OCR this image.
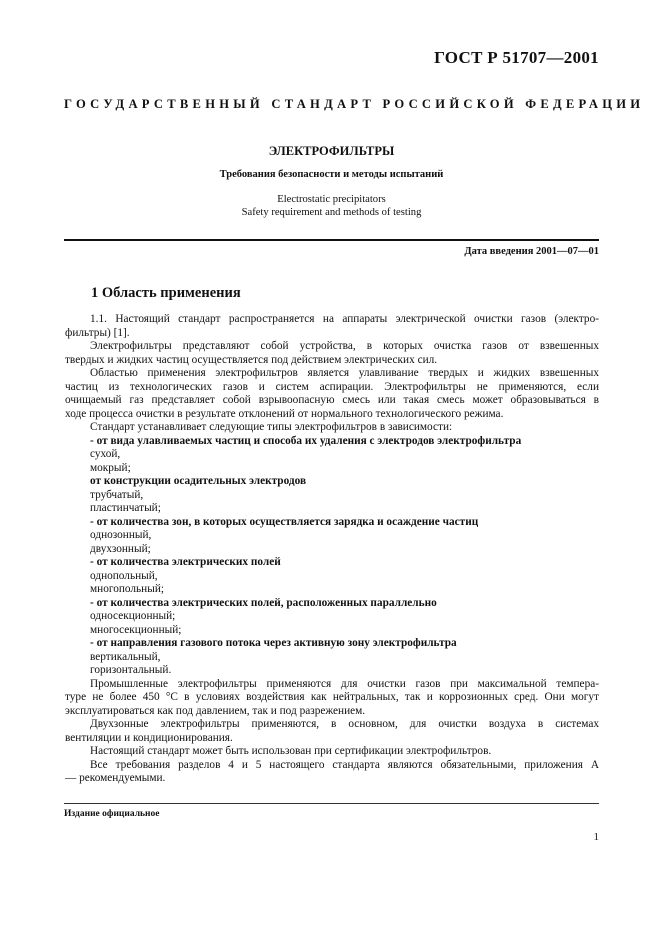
ГОСТ Р 51707—2001
ГОСУДАРСТВЕННЫЙ СТАНДАРТ РОССИЙСКОЙ ФЕДЕРАЦИИ
ЭЛЕКТРОФИЛЬТРЫ
Требования безопасности и методы испытаний
Electrostatic precipitators
Safety requirement and methods of testing
Дата введения 2001—07—01
1 Область применения

1.1. Настоящий стандарт распространяется на аппараты электрической очистки газов (электро-

фильтры) [1].

Электрофильтры представляют собой устройства, в которых очистка газов от взвешенных

твердых и жидких частиц осуществляется под действием электрических сил.

Областью применения электрофильтров является улавливание твердых и жидких взвешенных

частиц из технологических газов и систем аспирации. Электрофильтры не применяются, если

очищаемый газ представляет собой взрывоопасную смесь или такая смесь может образовываться в

ходе процесса очистки в результате отклонений от нормального технологического режима.

Стандарт устанавливает следующие типы электрофильтров в зависимости:

- от вида улавливаемых частиц и способа их удаления с электродов электрофильтра

сухой,

мокрый;

от конструкции осадительных электродов

трубчатый,

пластинчатый;

- от количества зон, в которых осуществляется зарядка и осаждение частиц

однозонный,

двухзонный;

- от количества электрических полей

однопольный,

многопольный;

- от количества электрических полей, расположенных параллельно

односекционный;

многосекционный;

- от направления газового потока через активную зону электрофильтра

вертикальный,

горизонтальный.

Промышленные электрофильтры применяются для очистки газов при максимальной темпера-

туре не более 450 °С в условиях воздействия как нейтральных, так и коррозионных сред. Они могут

эксплуатироваться как под давлением, так и под разрежением.

Двухзонные электрофильтры применяются, в основном, для очистки воздуха в системах

вентиляции и кондиционирования.

Настоящий стандарт может быть использован при сертификации электрофильтров.

Все требования разделов 4 и 5 настоящего стандарта являются обязательными, приложения А

— рекомендуемыми.

Издание официальное
1
